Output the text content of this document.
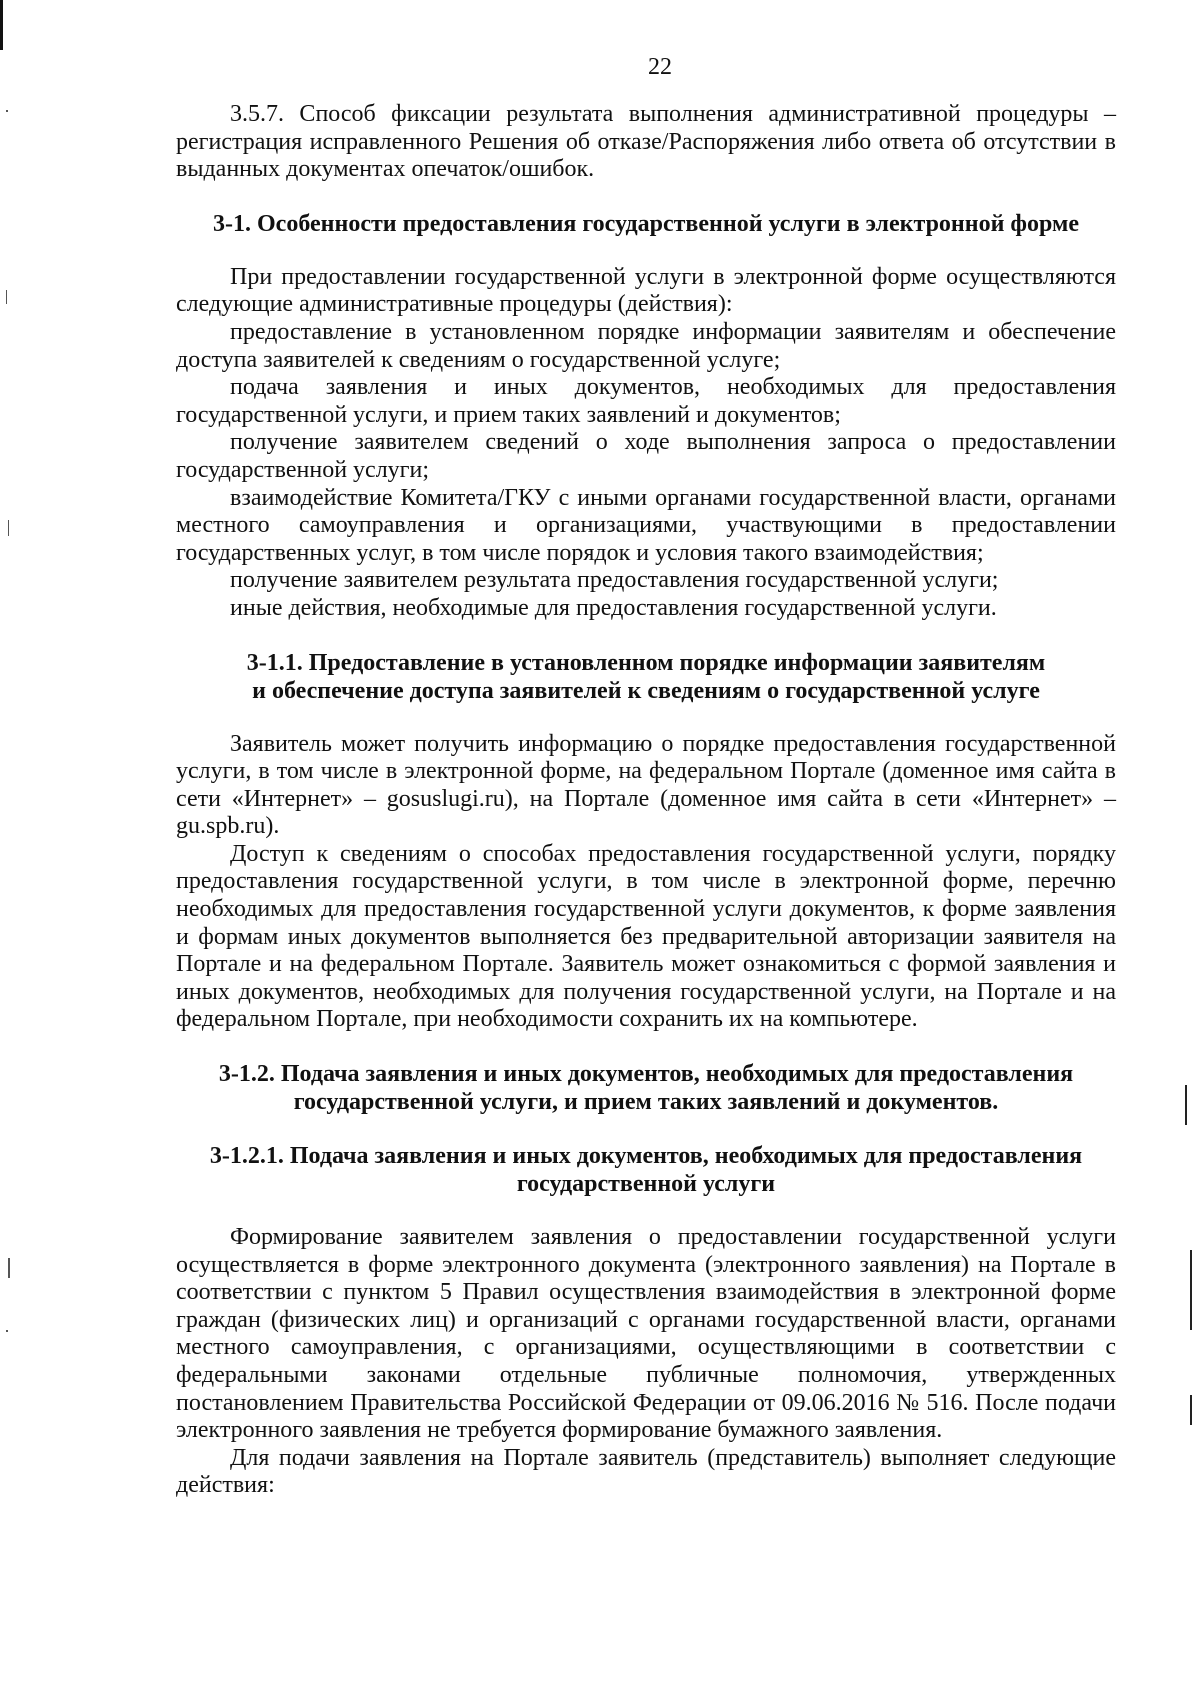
22

3.5.7. Способ фиксации результата выполнения административной процедуры –регистрация исправленного Решения об отказе/Распоряжения либо ответа об отсутствии в выданных документах опечаток/ошибок.

3-1. Особенности предоставления государственной услуги в электронной форме

При предоставлении государственной услуги в электронной форме осуществляются следующие административные процедуры (действия):

предоставление в установленном порядке информации заявителям и обеспечение доступа заявителей к сведениям о государственной услуге;

подача заявления и иных документов, необходимых для предоставления государственной услуги, и прием таких заявлений и документов;

получение заявителем сведений о ходе выполнения запроса о предоставлении государственной услуги;

взаимодействие Комитета/ГКУ с иными органами государственной власти, органами местного самоуправления и организациями, участвующими в предоставлении государственных услуг, в том числе порядок и условия такого взаимодействия;

получение заявителем результата предоставления государственной услуги;

иные действия, необходимые для предоставления государственной услуги.

3-1.1. Предоставление в установленном порядке информации заявителям
и обеспечение доступа заявителей к сведениям о государственной услуге

Заявитель может получить информацию о порядке предоставления государственной услуги, в том числе в электронной форме, на федеральном Портале (доменное имя сайта в сети «Интернет» – gosuslugi.ru), на Портале (доменное имя сайта в сети «Интернет» – gu.spb.ru).

Доступ к сведениям о способах предоставления государственной услуги, порядку предоставления государственной услуги, в том числе в электронной форме, перечню необходимых для предоставления государственной услуги документов, к форме заявления и формам иных документов выполняется без предварительной авторизации заявителя на Портале и на федеральном Портале. Заявитель может ознакомиться с формой заявления и иных документов, необходимых для получения государственной услуги, на Портале и на федеральном Портале, при необходимости сохранить их на компьютере.

3-1.2. Подача заявления и иных документов, необходимых для предоставления
государственной услуги, и прием таких заявлений и документов.

3-1.2.1. Подача заявления и иных документов, необходимых для предоставления
государственной услуги

Формирование заявителем заявления о предоставлении государственной услуги осуществляется в форме электронного документа (электронного заявления) на Портале в соответствии с пунктом 5 Правил осуществления взаимодействия в электронной форме граждан (физических лиц) и организаций с органами государственной власти, органами местного самоуправления, с организациями, осуществляющими в соответствии с федеральными законами отдельные публичные полномочия, утвержденных постановлением Правительства Российской Федерации от 09.06.2016 № 516. После подачи электронного заявления не требуется формирование бумажного заявления.

Для подачи заявления на Портале заявитель (представитель) выполняет следующие действия:
